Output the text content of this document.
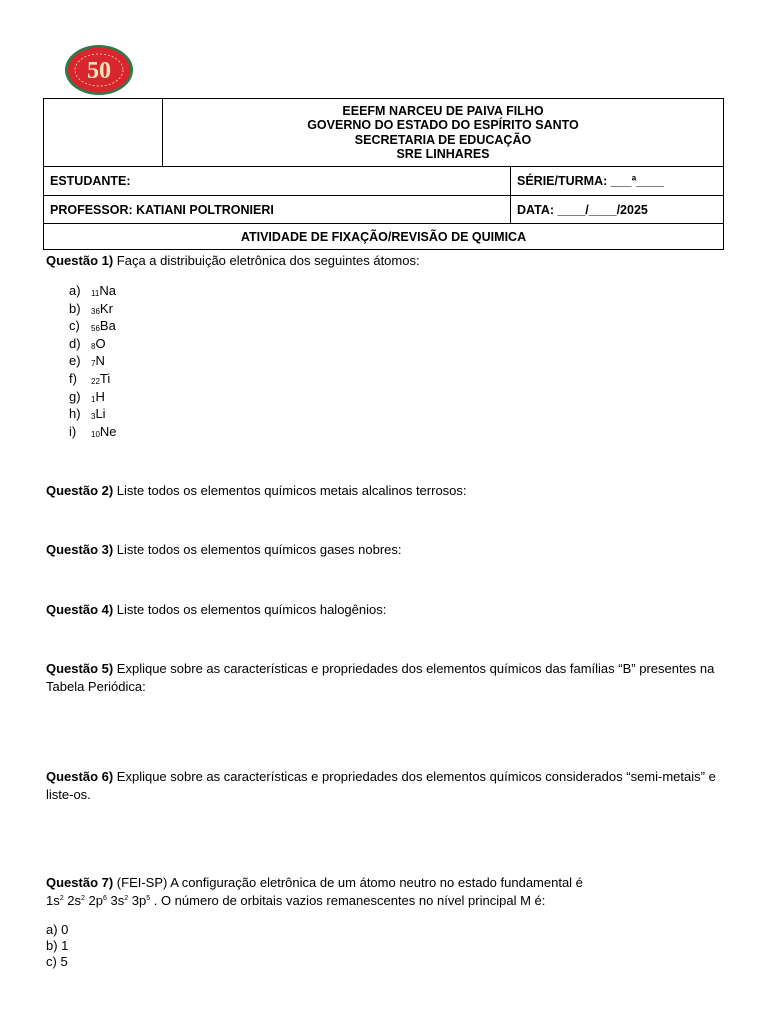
50

	EEEFM NARCEU DE PAIVA FILHO
GOVERNO DO ESTADO DO ESPÍRITO SANTO
SECRETARIA DE EDUCAÇÃO
SRE LINHARES	

ESTUDANTE:		SÉRIE/TURMA: ___ª____
PROFESSOR: KATIANI POLTRONIERI		DATA: ____/____/2025
ATIVIDADE DE FIXAÇÃO/REVISÃO DE QUIMICA		

Questão 1) Faça a distribuição eletrônica dos seguintes átomos:

a) $_{11}$Na
b) $_{36}$Kr
c) $_{56}$Ba
d) $_8$O
e) $_7$N
f) $_{22}$Ti
g) $_1$H
h) $_3$Li
i) $_{10}$Ne

Questão 2) Liste todos os elementos químicos metais alcalinos terrosos:

Questão 3) Liste todos os elementos químicos gases nobres:

Questão 4) Liste todos os elementos químicos halogênios:

Questão 5) Explique sobre as características e propriedades dos elementos químicos das famílias “B” presentes na Tabela Periódica:

Questão 6) Explique sobre as características e propriedades dos elementos químicos considerados “semi-metais” e liste-os.

Questão 7) (FEI-SP) A configuração eletrônica de um átomo neutro no estado fundamental é
$1s^2$ $2s^2$ $2p^6$ $3s^2$ $3p^5$ . O número de orbitais vazios remanescentes no nível principal M é:

a) 0
b) 1
c) 5
